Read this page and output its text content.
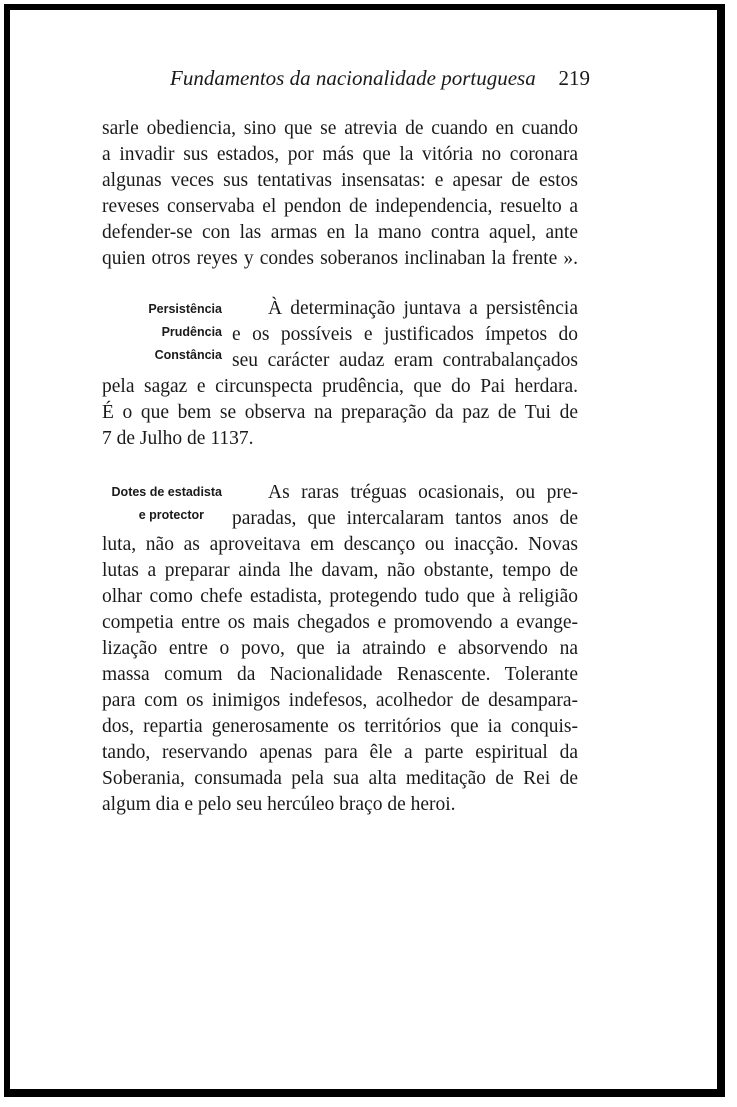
Fundamentos da nacionalidade portuguesa 219
sarle obediencia, sino que se atrevia de cuando en cuando
a invadir sus estados, por más que la vitória no coronara
algunas veces sus tentativas insensatas: e apesar de estos
reveses conservaba el pendon de independencia, resuelto a
defender-se con las armas en la mano contra aquel, ante
quien otros reyes y condes soberanos inclinaban la frente ».
Persistência
Prudência
Constância
À determinação juntava a persistência
e os possíveis e justificados ímpetos do
seu carácter audaz eram contrabalançados
pela sagaz e circunspecta prudência, que do Pai herdara.
É o que bem se observa na preparação da paz de Tui de
7 de Julho de 1137.
Dotes de estadista
e protector
As raras tréguas ocasionais, ou pre-
paradas, que intercalaram tantos anos de
luta, não as aproveitava em descanço ou inacção. Novas
lutas a preparar ainda lhe davam, não obstante, tempo de
olhar como chefe estadista, protegendo tudo que à religião
competia entre os mais chegados e promovendo a evange-
lização entre o povo, que ia atraindo e absorvendo na
massa comum da Nacionalidade Renascente. Tolerante
para com os inimigos indefesos, acolhedor de desampara-
dos, repartia generosamente os territórios que ia conquis-
tando, reservando apenas para êle a parte espiritual da
Soberania, consumada pela sua alta meditação de Rei de
algum dia e pelo seu hercúleo braço de heroi.
